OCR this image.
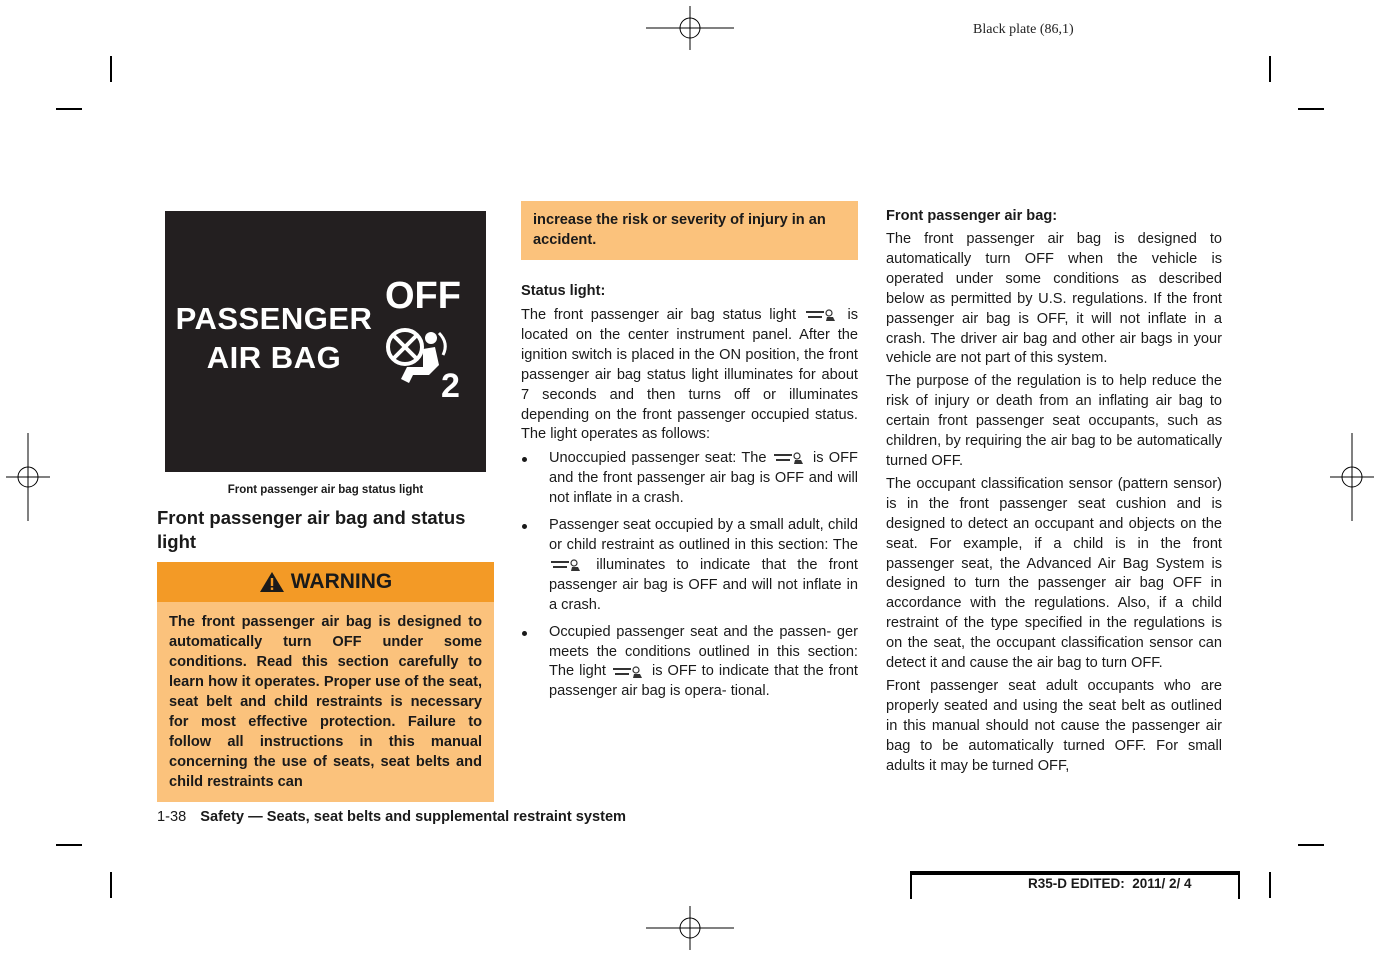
Black plate (86,1)
PASSENGER
AIR BAG
OFF
2
Front passenger air bag status light
Front passenger air bag and status light
WARNING
The front passenger air bag is designed to automatically turn OFF under some conditions. Read this section carefully to learn how it operates. Proper use of the seat, seat belt and child restraints is necessary for most effective protection. Failure to follow all instructions in this manual concerning the use of seats, seat belts and child restraints can
increase the risk or severity of injury in an accident.
Status light:

The front passenger air bag status light	is located on the center instrument panel. After the ignition switch is placed in the ON position, the front passenger air bag status light illuminates for about 7 seconds and then turns off or illuminates depending on the front passenger occupied status. The light operates as follows:

Unoccupied passenger seat: The	is OFF and the front passenger air bag is OFF and will not inflate in a crash.
Passenger seat occupied by a small adult, child or child restraint as outlined in this section: The  illuminates to indicate that the front passenger air bag is OFF and will not inflate in a crash.
Occupied passenger seat and the passen- ger meets the conditions outlined in this section: The light	is OFF to indicate that the front passenger air bag is opera- tional.
Front passenger air bag:

The front passenger air bag is designed to automatically turn OFF when the vehicle is operated under some conditions as described below as permitted by U.S. regulations. If the front passenger air bag is OFF, it will not inflate in a crash. The driver air bag and other air bags in your vehicle are not part of this system.

The purpose of the regulation is to help reduce the risk of injury or death from an inflating air bag to certain front passenger seat occupants, such as children, by requiring the air bag to be automatically turned OFF.

The occupant classification sensor (pattern sensor) is in the front passenger seat cushion and is designed to detect an occupant and objects on the seat. For example, if a child is in the front passenger seat, the Advanced Air Bag System is designed to turn the passenger air bag OFF in accordance with the regulations. Also, if a child restraint of the type specified in the regulations is on the seat, the occupant classification sensor can detect it and cause the air bag to turn OFF.

Front passenger seat adult occupants who are properly seated and using the seat belt as outlined in this manual should not cause the passenger air bag to be automatically turned OFF. For small adults it may be turned OFF,

1-38 Safety — Seats, seat belts and supplemental restraint system
R35-D EDITED:  2011/ 2/ 4
